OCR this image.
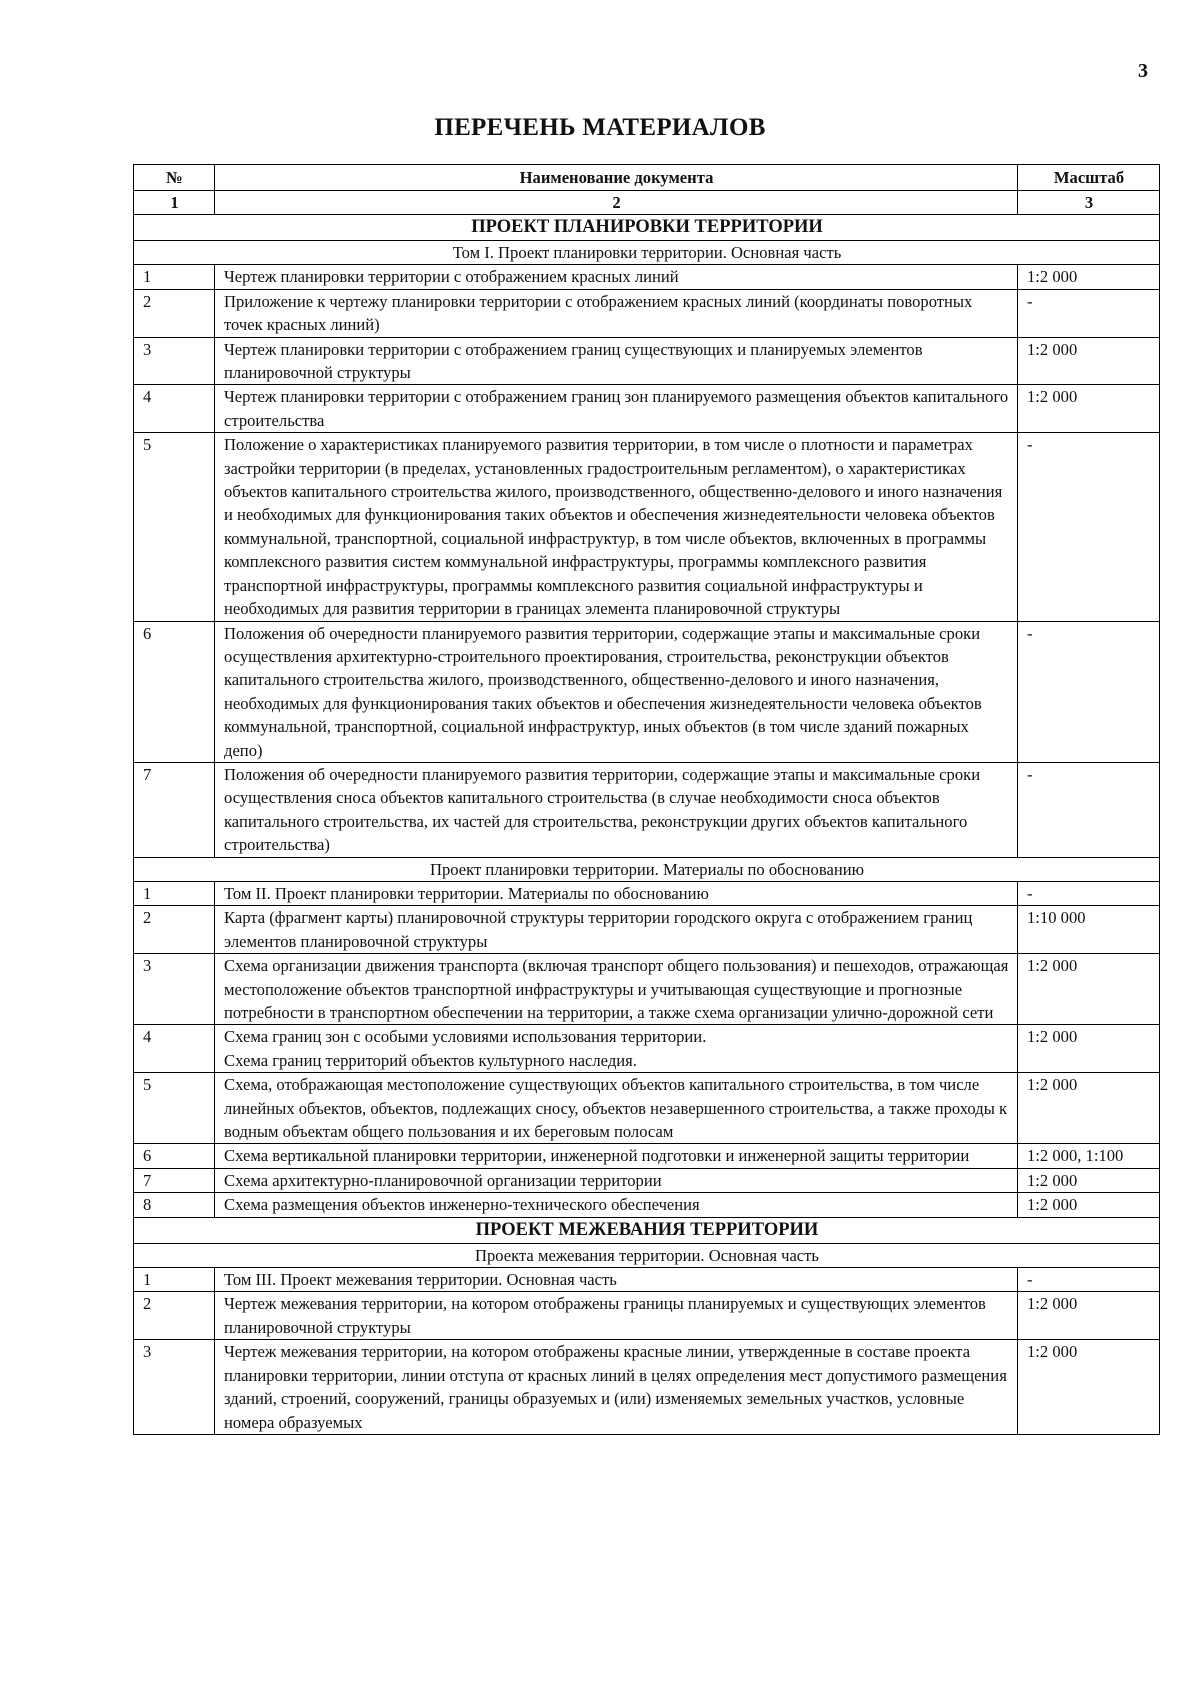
3
ПЕРЕЧЕНЬ МАТЕРИАЛОВ
№	Наименование документа	Масштаб
1	2	3
ПРОЕКТ ПЛАНИРОВКИ ТЕРРИТОРИИ		
Том I. Проект планировки территории. Основная часть		
1	Чертеж планировки территории с отображением красных линий	1:2 000
2	Приложение к чертежу планировки территории с отображением красных линий (координаты поворотных точек красных линий)	-
3	Чертеж планировки территории с отображением границ существующих и планируемых элементов планировочной структуры	1:2 000
4	Чертеж планировки территории с отображением границ зон планируемого размещения объектов капитального строительства	1:2 000
5	Положение о характеристиках планируемого развития территории, в том числе о плотности и параметрах застройки территории (в пределах, установленных градостроительным регламентом), о характеристиках объектов капитального строительства жилого, производственного, общественно-делового и иного назначения и необходимых для функционирования таких объектов и обеспечения жизнедеятельности человека объектов коммунальной, транспортной, социальной инфраструктур, в том числе объектов, включенных в программы комплексного развития систем коммунальной инфраструктуры, программы комплексного развития транспортной инфраструктуры, программы комплексного развития социальной инфраструктуры и необходимых для развития территории в границах элемента планировочной структуры	-
6	Положения об очередности планируемого развития территории, содержащие этапы и максимальные сроки осуществления архитектурно-строительного проектирования, строительства, реконструкции объектов капитального строительства жилого, производственного, общественно-делового и иного назначения, необходимых для функционирования таких объектов и обеспечения жизнедеятельности человека объектов коммунальной, транспортной, социальной инфраструктур, иных объектов (в том числе зданий пожарных депо)	-
7	Положения об очередности планируемого развития территории, содержащие этапы и максимальные сроки осуществления сноса объектов капитального строительства (в случае необходимости сноса объектов капитального строительства, их частей для строительства, реконструкции других объектов капитального строительства)	-
Проект планировки территории. Материалы по обоснованию		
1	Том II. Проект планировки территории. Материалы по обоснованию	-
2	Карта (фрагмент карты) планировочной структуры территории городского округа с отображением границ элементов планировочной структуры	1:10 000
3	Схема организации движения транспорта (включая транспорт общего пользования) и пешеходов, отражающая местоположение объектов транспортной инфраструктуры и учитывающая существующие и прогнозные потребности в транспортном обеспечении на территории, а также схема организации улично-дорожной сети	1:2 000
4	Схема границ зон с особыми условиями использования территории.
Схема границ территорий объектов культурного наследия.	1:2 000
5	Схема, отображающая местоположение существующих объектов капитального строительства, в том числе линейных объектов, объектов, подлежащих сносу, объектов незавершенного строительства, а также проходы к водным объектам общего пользования и их береговым полосам	1:2 000
6	Схема вертикальной планировки территории, инженерной подготовки и инженерной защиты территории	1:2 000, 1:100
7	Схема архитектурно-планировочной организации территории	1:2 000
8	Схема размещения объектов инженерно-технического обеспечения	1:2 000
ПРОЕКТ МЕЖЕВАНИЯ ТЕРРИТОРИИ		
Проекта межевания территории. Основная часть		
1	Том III. Проект межевания территории. Основная часть	-
2	Чертеж межевания территории, на котором отображены границы планируемых и существующих элементов планировочной структуры	1:2 000
3	Чертеж межевания территории, на котором отображены красные линии, утвержденные в составе проекта планировки территории, линии отступа от красных линий в целях определения мест допустимого размещения зданий, строений, сооружений, границы образуемых и (или) изменяемых земельных участков, условные номера образуемых	1:2 000
